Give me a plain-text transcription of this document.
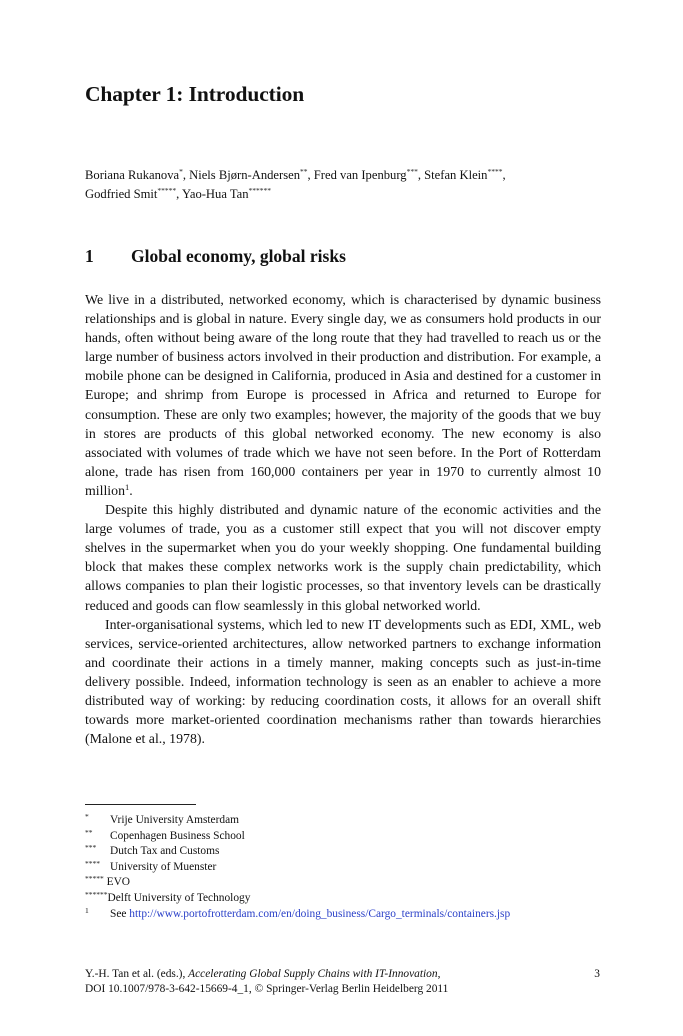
Chapter 1: Introduction
Boriana Rukanova*, Niels Bjørn-Andersen**, Fred van Ipenburg***, Stefan Klein****,
Godfried Smit*****, Yao-Hua Tan******
1 Global economy, global risks

We live in a distributed, networked economy, which is characterised by dynamic business relationships and is global in nature. Every single day, we as consumers hold products in our hands, often without being aware of the long route that they had travelled to reach us or the large number of business actors involved in their production and distribution. For example, a mobile phone can be designed in California, produced in Asia and destined for a customer in Europe; and shrimp from Europe is processed in Africa and returned to Europe for consumption. These are only two examples; however, the majority of the goods that we buy in stores are products of this global networked economy. The new economy is also associated with volumes of trade which we have not seen before. In the Port of Rotterdam alone, trade has risen from 160,000 containers per year in 1970 to currently almost 10 million$^1$.

Despite this highly distributed and dynamic nature of the economic activities and the large volumes of trade, you as a customer still expect that you will not discover empty shelves in the supermarket when you do your weekly shopping. One fundamental building block that makes these complex networks work is the supply chain predictability, which allows companies to plan their logistic processes, so that inventory levels can be drastically reduced and goods can flow seamlessly in this global networked world.

Inter-organisational systems, which led to new IT developments such as EDI, XML, web services, service-oriented architectures, allow networked partners to exchange information and coordinate their actions in a timely manner, making concepts such as just-in-time delivery possible. Indeed, information technology is seen as an enabler to achieve a more distributed way of working: by reducing coordination costs, it allows for an overall shift towards more market-oriented coordination mechanisms rather than towards hierarchies (Malone et al., 1978).

* Vrije University Amsterdam
** Copenhagen Business School
*** Dutch Tax and Customs
**** University of Muenster
***** EVO
******Delft University of Technology
1 See http://www.portofrotterdam.com/en/doing_business/Cargo_terminals/containers.jsp
Y.-H. Tan et al. (eds.), Accelerating Global Supply Chains with IT-Innovation,
DOI 10.1007/978-3-642-15669-4_1, © Springer-Verlag Berlin Heidelberg 2011
3
